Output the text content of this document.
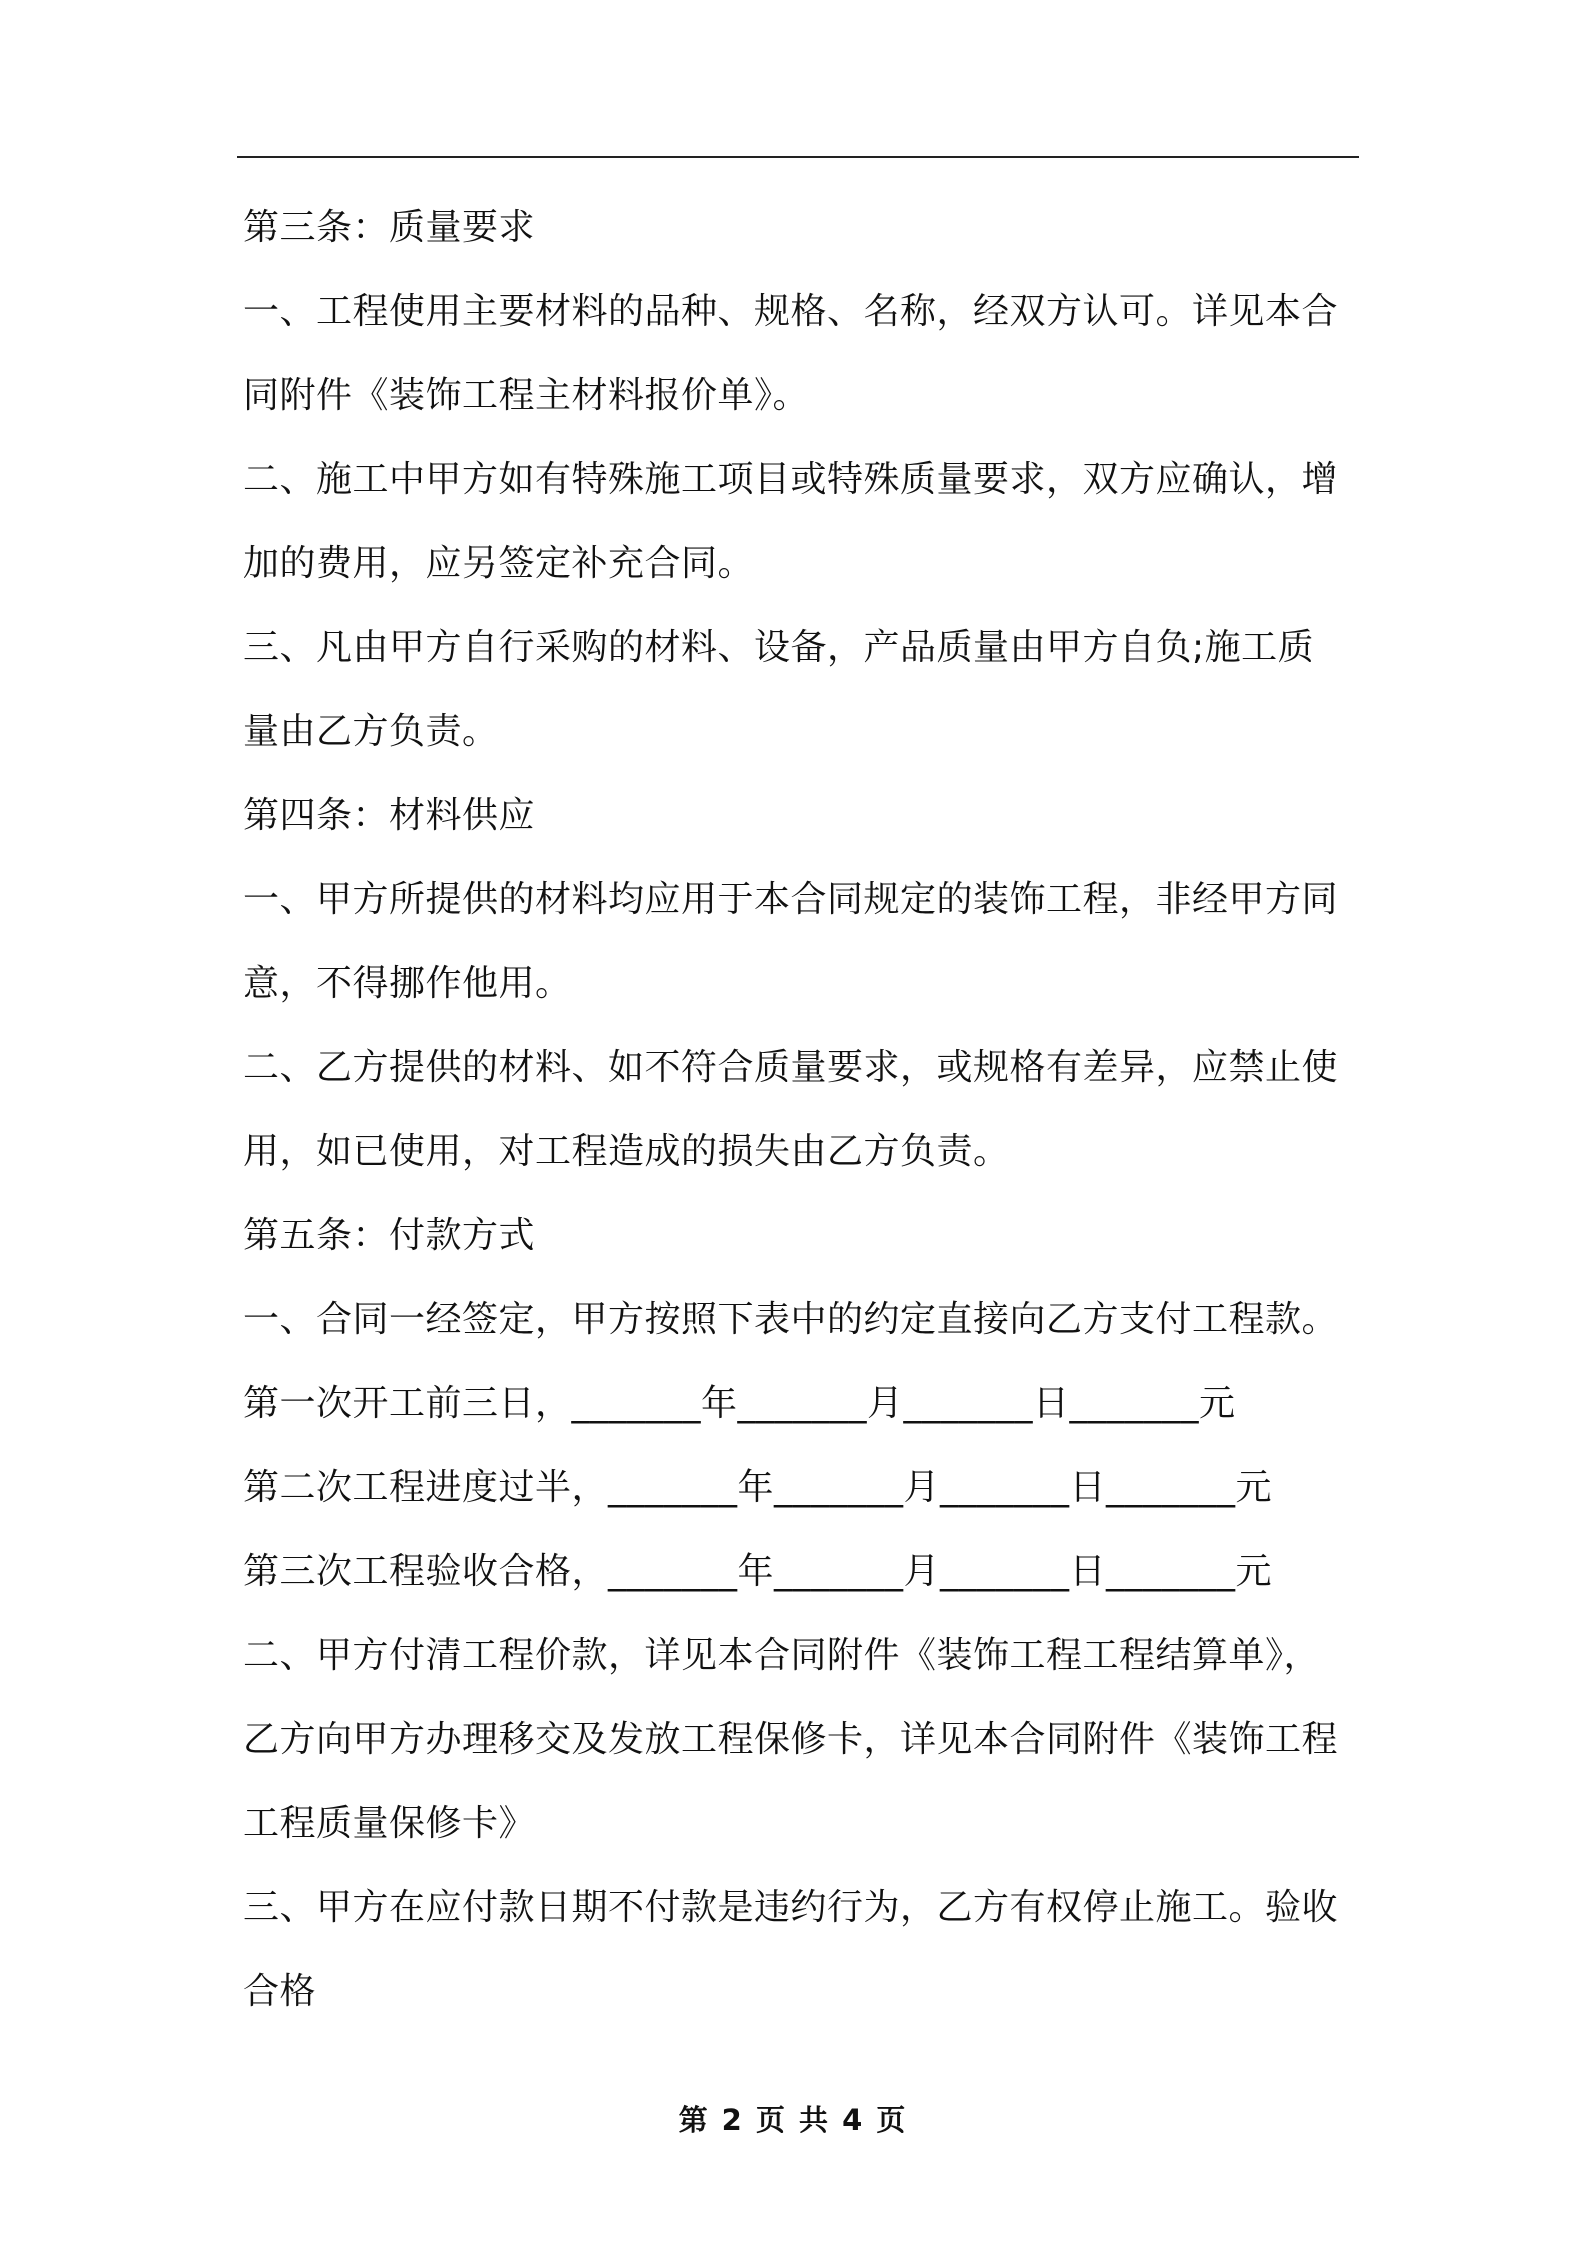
第三条：质量要求
一、工程使用主要材料的品种、规格、名称，经双方认可。详见本合
同附件《装饰工程主材料报价单》。
二、施工中甲方如有特殊施工项目或特殊质量要求，双方应确认，增
加的费用，应另签定补充合同。
三、凡由甲方自行采购的材料、设备，产品质量由甲方自负;施工质
量由乙方负责。
第四条：材料供应
一、甲方所提供的材料均应用于本合同规定的装饰工程，非经甲方同
意，不得挪作他用。
二、乙方提供的材料、如不符合质量要求，或规格有差异，应禁止使
用，如已使用，对工程造成的损失由乙方负责。
第五条：付款方式
一、合同一经签定，甲方按照下表中的约定直接向乙方支付工程款。
第一次开工前三日，_______年_______月_______日_______元
第二次工程进度过半，_______年_______月_______日_______元
第三次工程验收合格，_______年_______月_______日_______元
二、甲方付清工程价款，详见本合同附件《装饰工程工程结算单》，
乙方向甲方办理移交及发放工程保修卡，详见本合同附件《装饰工程
工程质量保修卡》
三、甲方在应付款日期不付款是违约行为，乙方有权停止施工。验收
合格
第 2 页 共 4 页
